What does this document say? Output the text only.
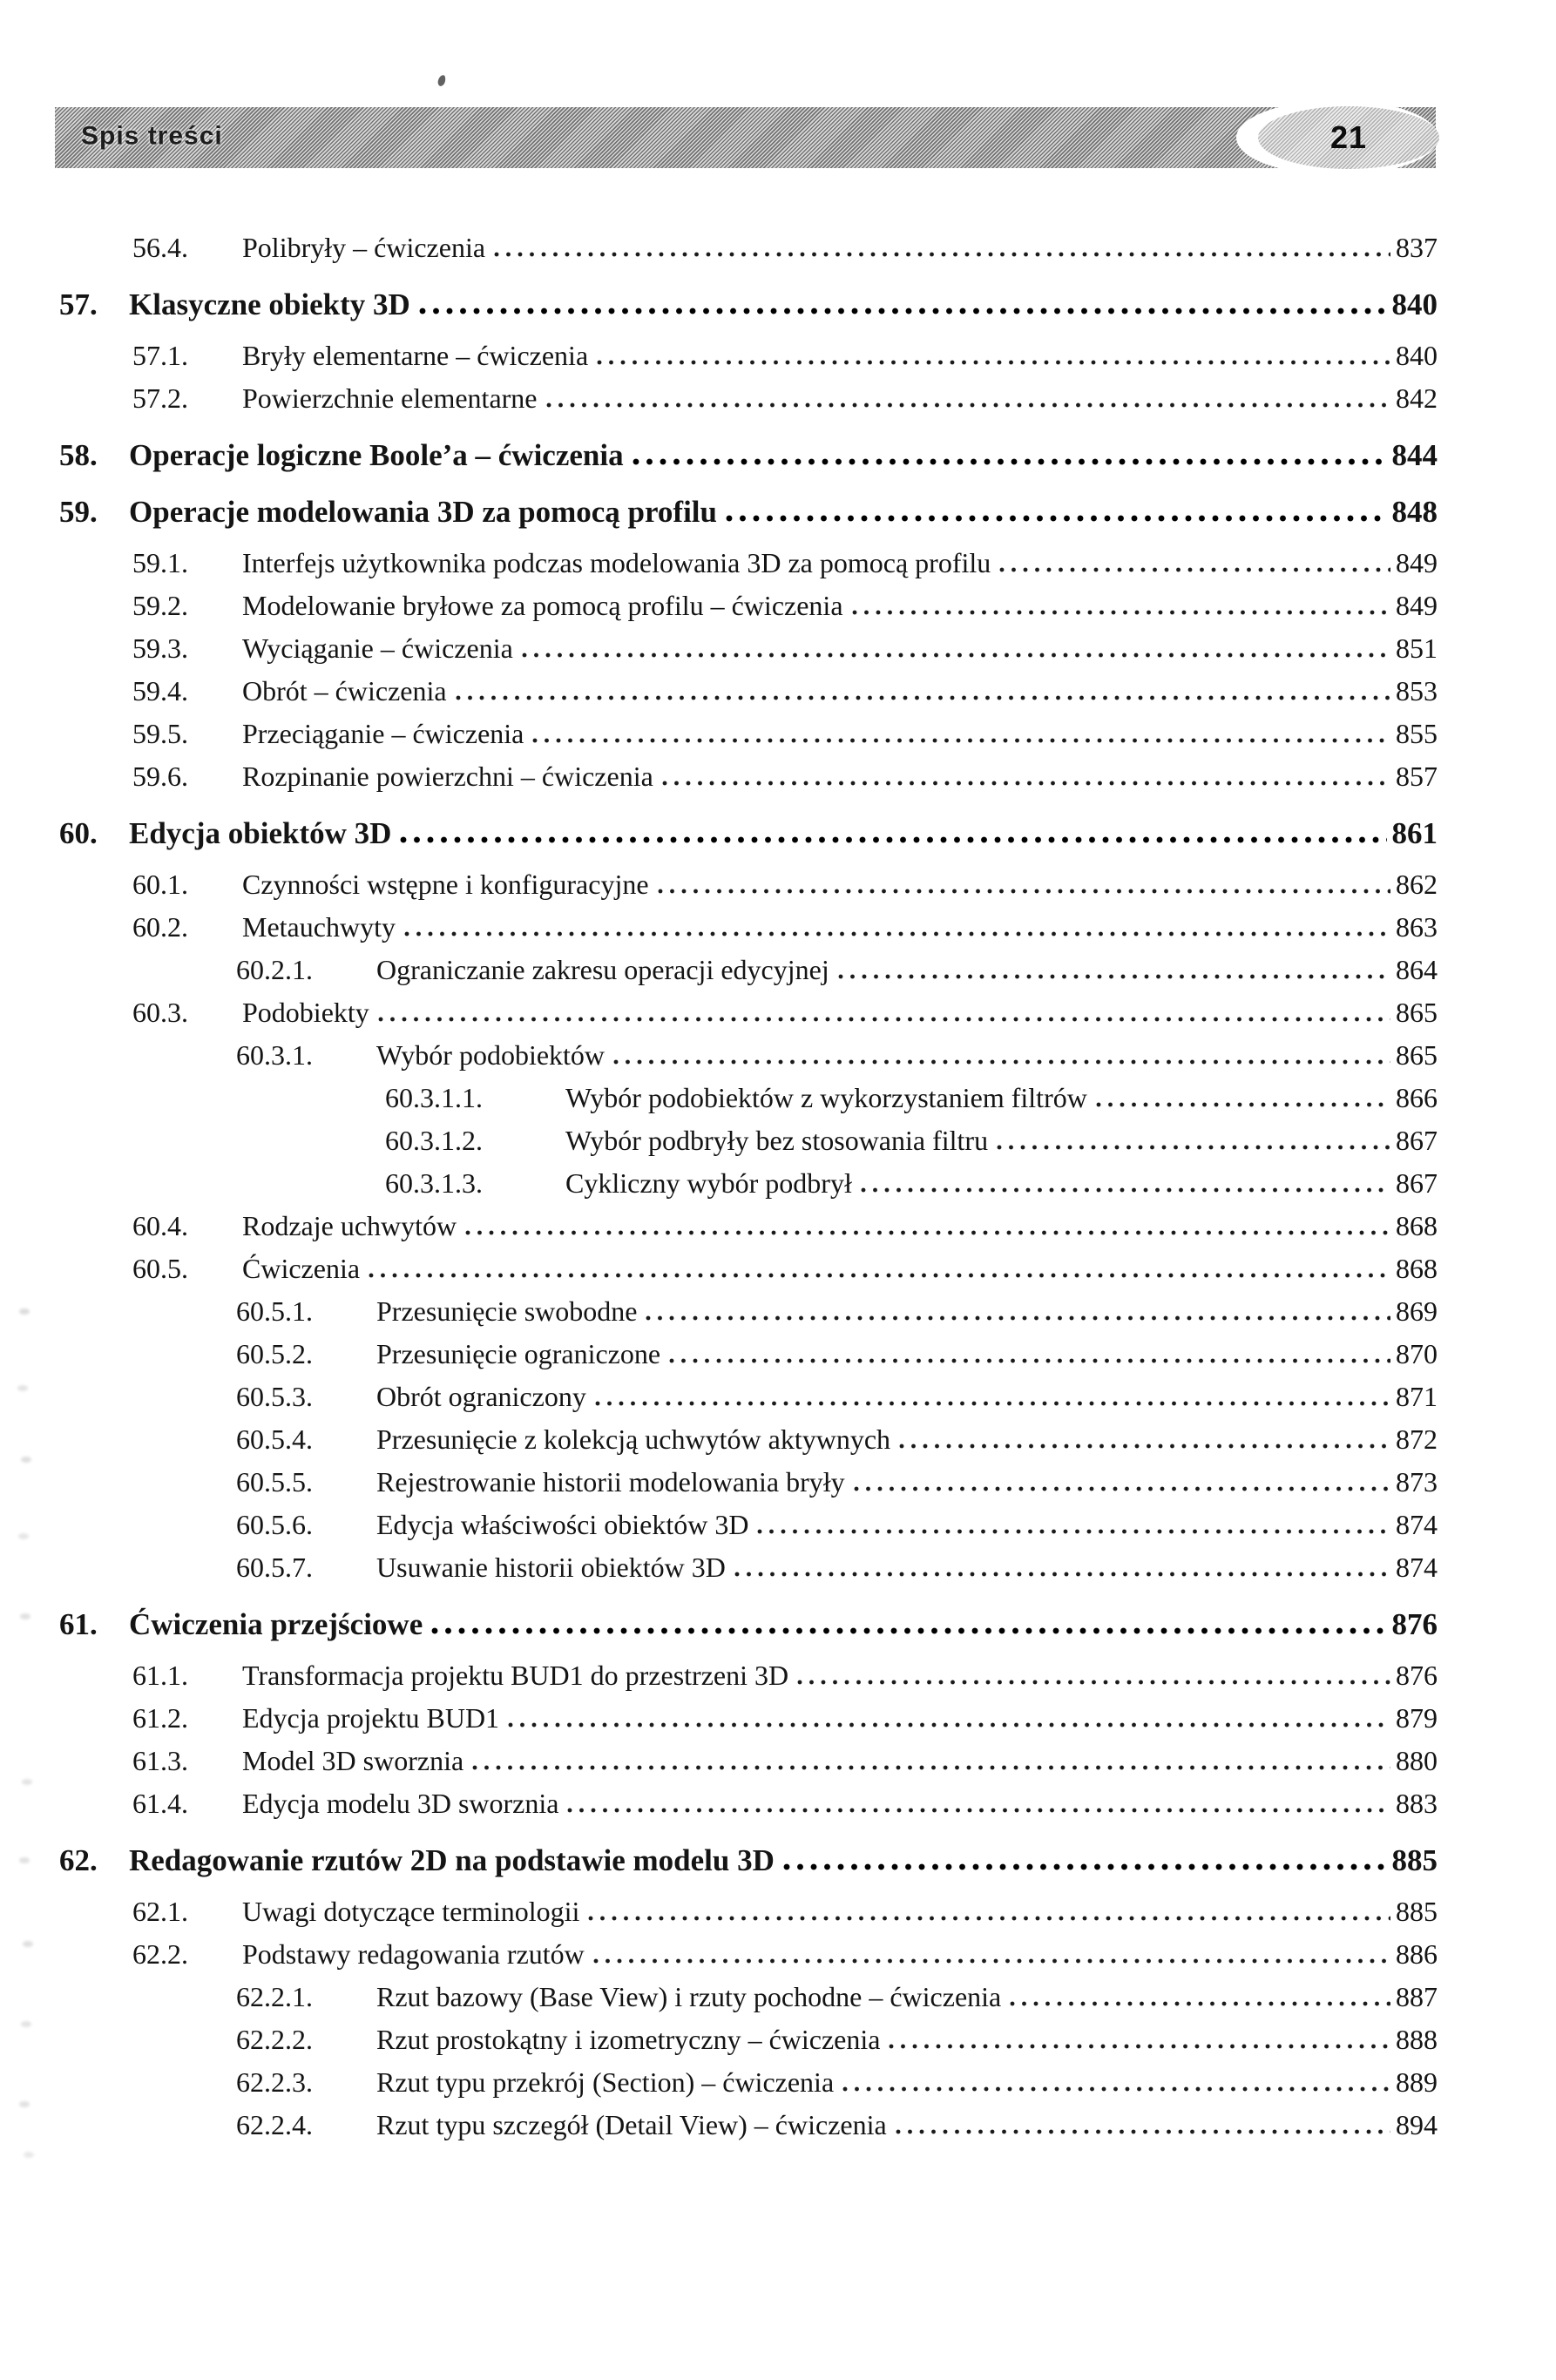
Spis treści	21
56.4.	Polibryły – ćwiczenia	837
57.	Klasyczne obiekty 3D	840
57.1.	Bryły elementarne – ćwiczenia	840
57.2.	Powierzchnie elementarne	842
58.	Operacje logiczne Boole’a – ćwiczenia	844
59.	Operacje modelowania 3D za pomocą profilu	848
59.1.	Interfejs użytkownika podczas modelowania 3D za pomocą profilu	849
59.2.	Modelowanie bryłowe za pomocą profilu – ćwiczenia	849
59.3.	Wyciąganie – ćwiczenia	851
59.4.	Obrót – ćwiczenia	853
59.5.	Przeciąganie – ćwiczenia	855
59.6.	Rozpinanie powierzchni – ćwiczenia	857
60.	Edycja obiektów 3D	861
60.1.	Czynności wstępne i konfiguracyjne	862
60.2.	Metauchwyty	863
60.2.1.	Ograniczanie zakresu operacji edycyjnej	864
60.3.	Podobiekty	865
60.3.1.	Wybór podobiektów	865
60.3.1.1.	Wybór podobiektów z wykorzystaniem filtrów	866
60.3.1.2.	Wybór podbryły bez stosowania filtru	867
60.3.1.3.	Cykliczny wybór podbrył	867
60.4.	Rodzaje uchwytów	868
60.5.	Ćwiczenia	868
60.5.1.	Przesunięcie swobodne	869
60.5.2.	Przesunięcie ograniczone	870
60.5.3.	Obrót ograniczony	871
60.5.4.	Przesunięcie z kolekcją uchwytów aktywnych	872
60.5.5.	Rejestrowanie historii modelowania bryły	873
60.5.6.	Edycja właściwości obiektów 3D	874
60.5.7.	Usuwanie historii obiektów 3D	874
61.	Ćwiczenia przejściowe	876
61.1.	Transformacja projektu BUD1 do przestrzeni 3D	876
61.2.	Edycja projektu BUD1	879
61.3.	Model 3D sworznia	880
61.4.	Edycja modelu 3D sworznia	883
62.	Redagowanie rzutów 2D na podstawie modelu 3D	885
62.1.	Uwagi dotyczące terminologii	885
62.2.	Podstawy redagowania rzutów	886
62.2.1.	Rzut bazowy (Base View) i rzuty pochodne – ćwiczenia	887
62.2.2.	Rzut prostokątny i izometryczny – ćwiczenia	888
62.2.3.	Rzut typu przekrój (Section) – ćwiczenia	889
62.2.4.	Rzut typu szczegół (Detail View) – ćwiczenia	894
